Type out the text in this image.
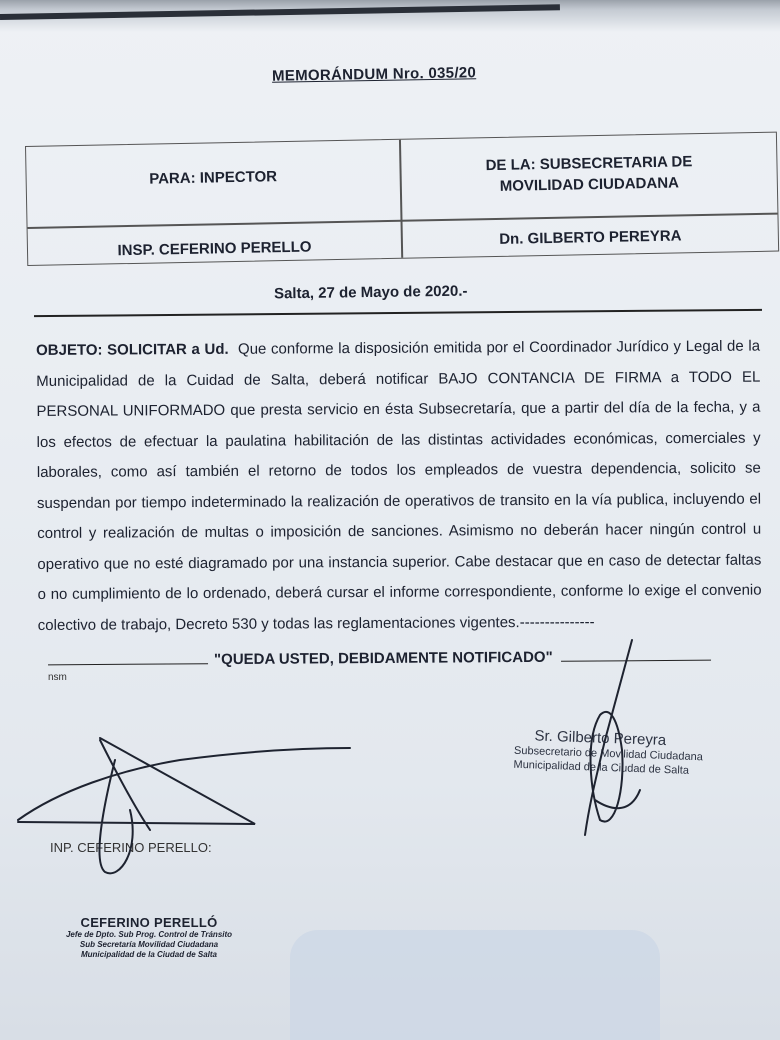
MEMORÁNDUM Nro. 035/20
PARA: INPECTOR
DE LA: SUBSECRETARIA DE
MOVILIDAD CIUDADANA
INSP. CEFERINO PERELLO
Dn. GILBERTO PEREYRA
Salta, 27 de Mayo de 2020.-
OBJETO: SOLICITAR a Ud. Que conforme la disposición emitida por el Coordinador Jurídico y Legal de la Municipalidad de la Cuidad de Salta, deberá notificar BAJO CONTANCIA DE FIRMA a TODO EL PERSONAL UNIFORMADO que presta servicio en ésta Subsecretaría, que a partir del día de la fecha, y a los efectos de efectuar la paulatina habilitación de las distintas actividades económicas, comerciales y laborales, como así también el retorno de todos los empleados de vuestra dependencia, solicito se suspendan por tiempo indeterminado la realización de operativos de transito en la vía publica, incluyendo el control y realización de multas o imposición de sanciones. Asimismo no deberán hacer ningún control u operativo que no esté diagramado por una instancia superior. Cabe destacar que en caso de detectar faltas o no cumplimiento de lo ordenado, deberá cursar el informe correspondiente, conforme lo exige el convenio colectivo de trabajo, Decreto 530 y todas las reglamentaciones vigentes.---------------
"QUEDA USTED, DEBIDAMENTE NOTIFICADO"
nsm
Sr. Gilberto Pereyra
Subsecretario de Movilidad Ciudadana
Municipalidad de la Ciudad de Salta
INP. CEFERINO PERELLO:
CEFERINO PERELLÓ
Jefe de Dpto. Sub Prog. Control de Tránsito
Sub Secretaría Movilidad Ciudadana
Municipalidad de la Ciudad de Salta
